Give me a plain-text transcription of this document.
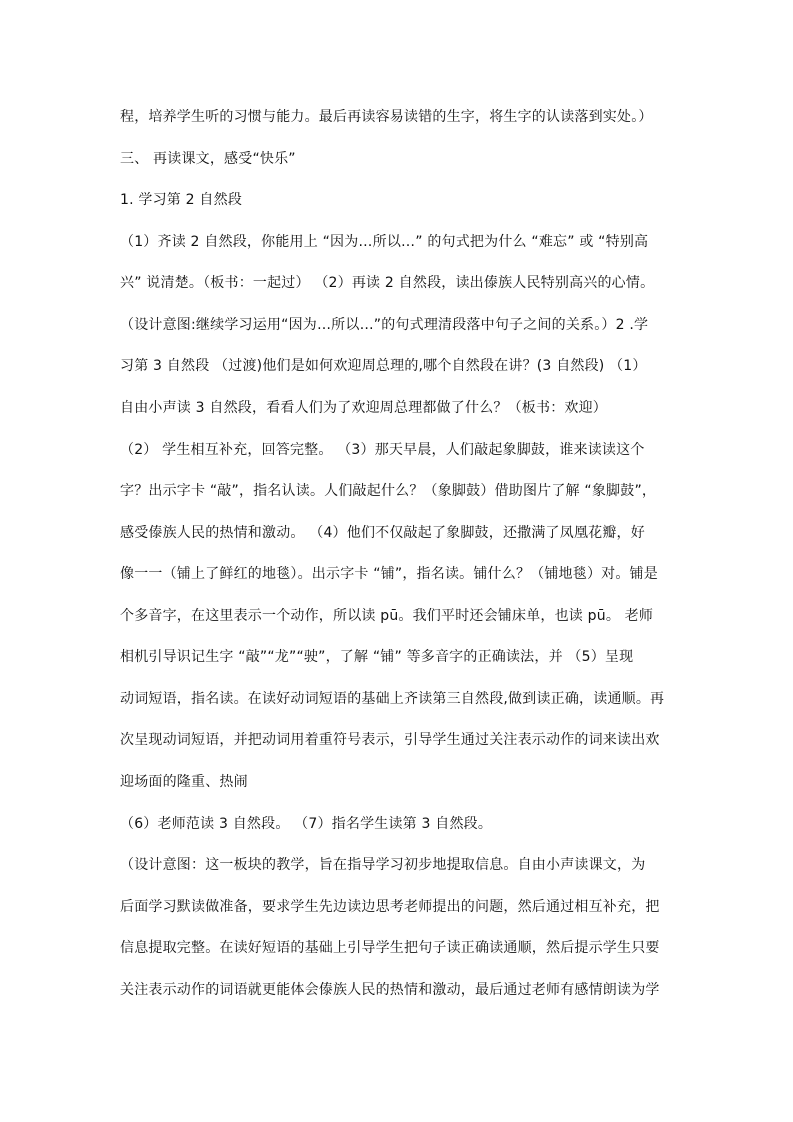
程，培养学生听的习惯与能力。最后再读容易读错的生字，将生字的认读落到实处。）
三、 再读课文，感受“快乐”
1. 学习第 2 自然段
（1）齐读 2 自然段，你能用上 “因为…所以…” 的句式把为什么 “难忘” 或 “特别高
兴” 说清楚。（板书：一起过） （2）再读 2 自然段，读出傣族人民特别高兴的心情。
（设计意图:继续学习运用“因为…所以…”的句式理清段落中句子之间的关系。）2 .学
习第 3 自然段 （过渡)他们是如何欢迎周总理的,哪个自然段在讲？(3 自然段) （1）
自由小声读 3 自然段，看看人们为了欢迎周总理都做了什么？（板书：欢迎）
（2） 学生相互补充，回答完整。 （3）那天早晨，人们敲起象脚鼓，谁来读读这个
字？出示字卡 “敲”，指名认读。人们敲起什么？（象脚鼓）借助图片了解 “象脚鼓”，
感受傣族人民的热情和激动。 （4）他们不仅敲起了象脚鼓，还撒满了凤凰花瓣，好
像一一（铺上了鲜红的地毯）。出示字卡 “铺”，指名读。铺什么？（铺地毯）对。铺是
个多音字，在这里表示一个动作，所以读 pū。我们平时还会铺床单，也读 pū。 老师
相机引导识记生字 “敲”“龙”“驶”，了解 “铺” 等多音字的正确读法，并 （5）呈现
动词短语，指名读。在读好动词短语的基础上齐读第三自然段,做到读正确，读通顺。再
次呈现动词短语，并把动词用着重符号表示，引导学生通过关注表示动作的词来读出欢
迎场面的隆重、热闹
（6）老师范读 3 自然段。 （7）指名学生读第 3 自然段。
（设计意图：这一板块的教学，旨在指导学习初步地提取信息。自由小声读课文，为
后面学习默读做准备，要求学生先边读边思考老师提出的问题，然后通过相互补充，把
信息提取完整。在读好短语的基础上引导学生把句子读正确读通顺，然后提示学生只要
关注表示动作的词语就更能体会傣族人民的热情和激动，最后通过老师有感情朗读为学
